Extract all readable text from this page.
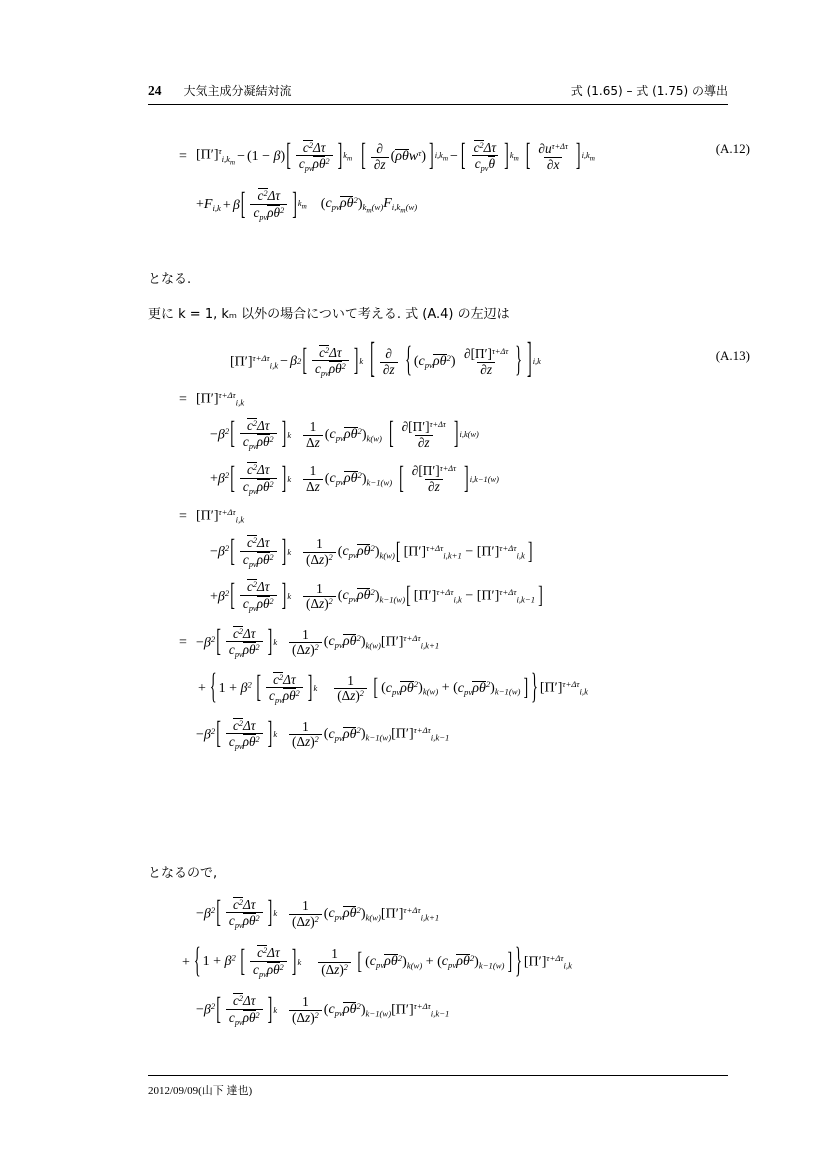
24 大気主成分凝結対流	式 (1.65) – 式 (1.75) の導出
= $[\Pi']^\tau_{i,k_m} - (1 - \beta)$ [ $\frac{c^2\Delta\tau}{c_{pv}\rho\theta^2}$ ] $k_m$ [ $\frac{\partial}{\partial z} (\rho\theta w^\tau)$ ] $i,k_m$ − [ $\frac{c^2\Delta\tau}{c_{pv}\theta}$ ] $k_m$ [ $\frac{\partial u^{\tau+\Delta\tau}}{\partial x}$ ] $i,k_m$
$+F_{i,k} + \beta$ [ $\frac{c^2\Delta\tau}{c_{pv}\rho\theta^2}$ ] $k_m$ $(c_{pv}\rho\theta^2)_{k_m(w)}$ $F_{i,k_m(w)}$
(A.12)
となる.
更に k = 1, kₘ 以外の場合について考える. 式 (A.4) の左辺は
$[\Pi']^{\tau+\Delta\tau}_{i,k} - \beta$ 2 [ $\frac{c^2\Delta\tau}{c_{pv}\rho\theta^2}$ ] k [ $\frac{\partial}{\partial z}$
{ $(c_{pv}\rho\theta^2) \frac{\partial[\Pi']^{\tau+\Delta\tau}}{\partial z}$ } ] i,k
= $[\Pi']^{\tau+\Delta\tau}_{i,k}$
$-\beta^2$ [ $\frac{c^2\Delta\tau}{c_{pv}\rho\theta^2}$ ] k $\frac{1}{\Delta z} (c_{pv}\rho\theta^2)_{k(w)}$ [ $\frac{\partial[\Pi']^{\tau+\Delta\tau}}{\partial z}$ ] i,k(w)
$+\beta^2$ [ $\frac{c^2\Delta\tau}{c_{pv}\rho\theta^2}$ ] k $\frac{1}{\Delta z} (c_{pv}\rho\theta^2)_{k-1(w)}$ [ $\frac{\partial[\Pi']^{\tau+\Delta\tau}}{\partial z}$ ] i,k−1(w)
= $[\Pi']^{\tau+\Delta\tau}_{i,k}$
$-\beta^2$ [ $\frac{c^2\Delta\tau}{c_{pv}\rho\theta^2}$ ] k $\frac{1}{(\Delta z)^2} (c_{pv}\rho\theta^2)_{k(w)}$ [ $[\Pi']^{\tau+\Delta\tau}_{i,k+1} - [\Pi']^{\tau+\Delta\tau}_{i,k}$ ]
$+\beta^2$ [ $\frac{c^2\Delta\tau}{c_{pv}\rho\theta^2}$ ] k $\frac{1}{(\Delta z)^2} (c_{pv}\rho\theta^2)_{k-1(w)}$ [ $[\Pi']^{\tau+\Delta\tau}_{i,k} - [\Pi']^{\tau+\Delta\tau}_{i,k-1}$ ]
= $-\beta^2$ [ $\frac{c^2\Delta\tau}{c_{pv}\rho\theta^2}$ ] k $\frac{1}{(\Delta z)^2} (c_{pv}\rho\theta^2)_{k(w)}[\Pi']^{\tau+\Delta\tau}_{i,k+1}$
+ { $1 + \beta^2$ [ $\frac{c^2\Delta\tau}{c_{pv}\rho\theta^2}$ ] k
$\frac{1}{(\Delta z)^2}$
[ $(c_{pv}\rho\theta^2)_{k(w)} + (c_{pv}\rho\theta^2)_{k-1(w)}$ ] } $[\Pi']^{\tau+\Delta\tau}_{i,k}$
$-\beta^2$ [ $\frac{c^2\Delta\tau}{c_{pv}\rho\theta^2}$ ] k $\frac{1}{(\Delta z)^2} (c_{pv}\rho\theta^2)_{k-1(w)}[\Pi']^{\tau+\Delta\tau}_{i,k-1}$
(A.13)
となるので,
$-\beta^2$ [ $\frac{c^2\Delta\tau}{c_{pv}\rho\theta^2}$ ] k $\frac{1}{(\Delta z)^2} (c_{pv}\rho\theta^2)_{k(w)}[\Pi']^{\tau+\Delta\tau}_{i,k+1}$
+ { $1 + \beta^2$ [ $\frac{c^2\Delta\tau}{c_{pv}\rho\theta^2}$ ] k
$\frac{1}{(\Delta z)^2}$
[ $(c_{pv}\rho\theta^2)_{k(w)} + (c_{pv}\rho\theta^2)_{k-1(w)}$ ] } $[\Pi']^{\tau+\Delta\tau}_{i,k}$
$-\beta^2$ [ $\frac{c^2\Delta\tau}{c_{pv}\rho\theta^2}$ ] k $\frac{1}{(\Delta z)^2} (c_{pv}\rho\theta^2)_{k-1(w)}[\Pi']^{\tau+\Delta\tau}_{i,k-1}$
2012/09/09(山下 達也)
